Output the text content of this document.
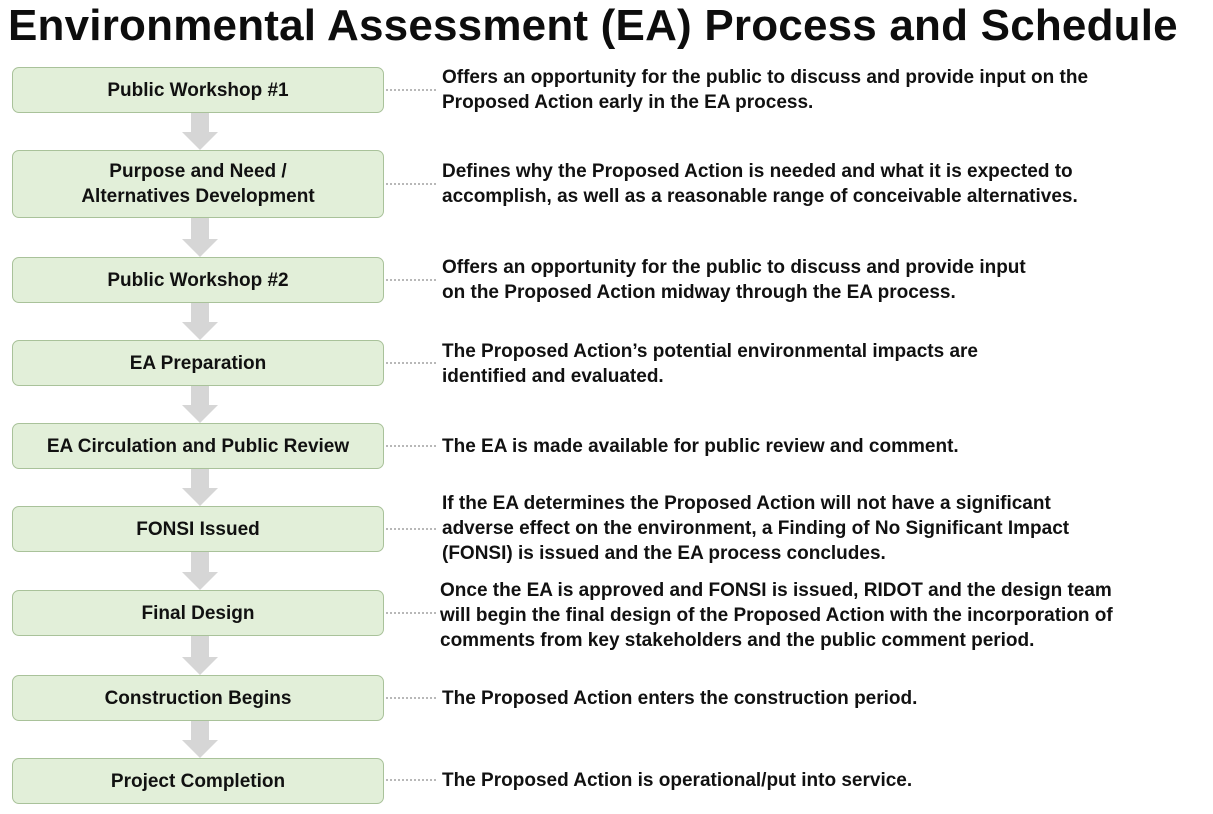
Environmental Assessment (EA) Process and Schedule
Public Workshop #1
Purpose and Need /
Alternatives Development
Public Workshop #2
EA Preparation
EA Circulation and Public Review
FONSI Issued
Final Design
Construction Begins
Project Completion
Offers an opportunity for the public to discuss and provide input on the
Proposed Action early in the EA process.
Defines why the Proposed Action is needed and what it is expected to
accomplish, as well as a reasonable range of conceivable alternatives.
Offers an opportunity for the public to discuss and provide input
on the Proposed Action midway through the EA process.
The Proposed Action’s potential environmental impacts are
identified and evaluated.
The EA is made available for public review and comment.
If the EA determines the Proposed Action will not have a significant
adverse effect on the environment, a Finding of No Significant Impact
(FONSI) is issued and the EA process concludes.
Once the EA is approved and FONSI is issued, RIDOT and the design team
will begin the final design of the Proposed Action with the incorporation of
comments from key stakeholders and the public comment period.
The Proposed Action enters the construction period.
The Proposed Action is operational/put into service.
